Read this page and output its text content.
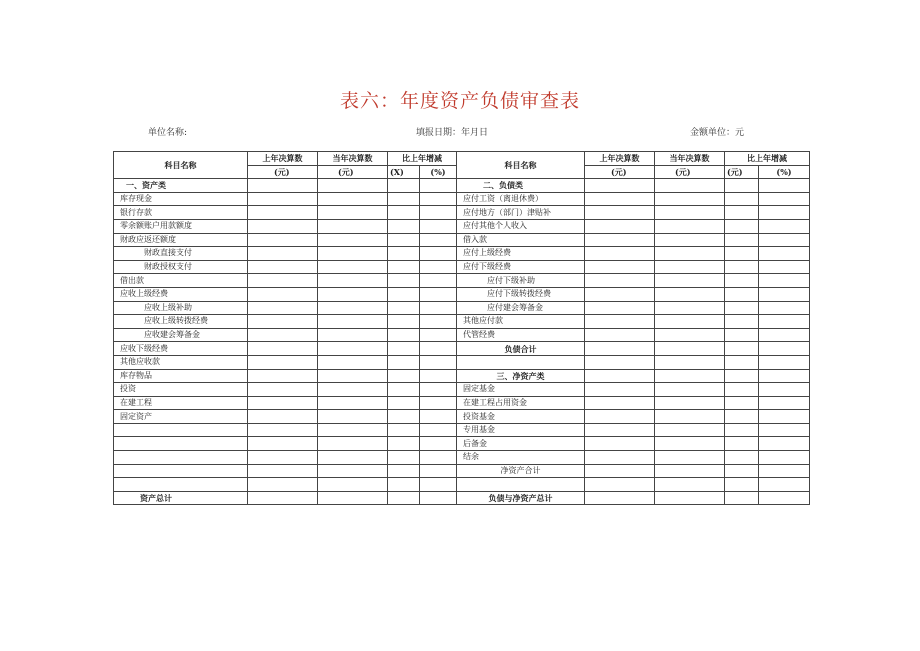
表六：年度资产负债审查表
单位名称:	填报日期：年月日	金额单位：元
科目名称	上年决算数	当年决算数	比上年增减		科目名称	上年决算数	当年决算数	比上年增减	
	(元)	(元)	(X)	(%)		(元)	(元)	(元)	(%)
一、资产类					二、负债类				
库存现金					应付工资（离退休费）				
银行存款					应付地方（部门）津贴补				
零余额账户用款额度					应付其他个人收入				
财政应返还额度					借入款				
财政直接支付					应付上级经费				
财政授权支付					应付下级经费				
借出款					应付下级补助				
应收上级经费					应付下级转拨经费				
应收上级补助					应付建会筹备金				
应收上级转拨经费					其他应付款				
应收建会筹备金					代管经费				
应收下级经费					负债合计				
其他应收款									
库存物品					三、净资产类				
投资					固定基金				
在建工程					在建工程占用资金				
固定资产					投资基金				
					专用基金				
					后备金				
					结余				
					净资产合计				

资产总计					负债与净资产总计				
